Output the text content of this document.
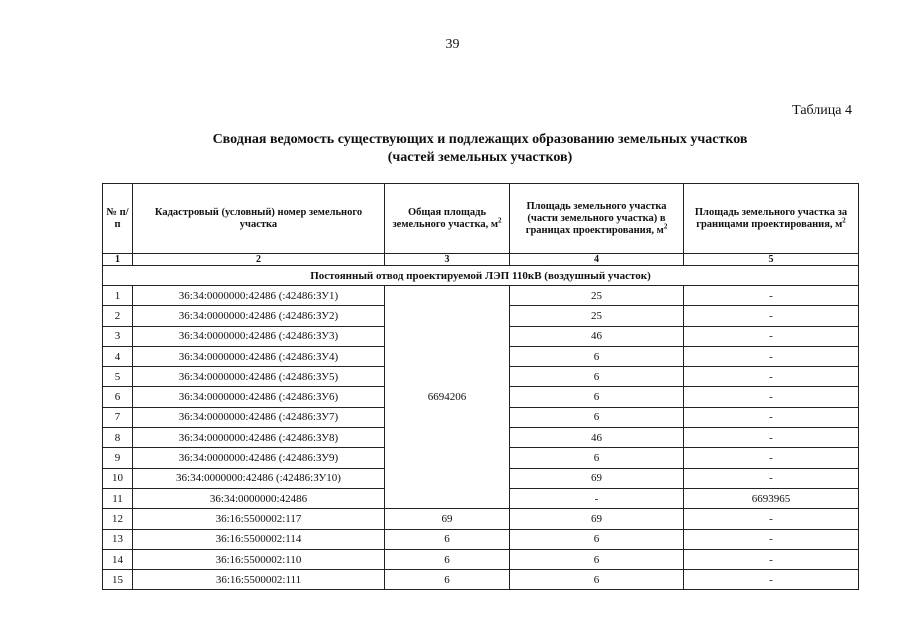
39
Таблица 4
Сводная ведомость существующих и подлежащих образованию земельных участков
(частей земельных участков)
№ п/п	Кадастровый (условный) номер земельного участка	Общая площадь земельного участка, $м^2$	Площадь земельного участка (части земельного участка) в границах проектирования, $м^2$	Площадь земельного участка за границами проектирования, $м^2$
1	2	3	4	5
Постоянный отвод проектируемой ЛЭП 110кВ (воздушный участок)				
1	36:34:0000000:42486 (:42486:ЗУ1)	6694206	25	-
2	36:34:0000000:42486 (:42486:ЗУ2)		25	-
3	36:34:0000000:42486 (:42486:ЗУ3)		46	-
4	36:34:0000000:42486 (:42486:ЗУ4)		6	-
5	36:34:0000000:42486 (:42486:ЗУ5)		6	-
6	36:34:0000000:42486 (:42486:ЗУ6)		6	-
7	36:34:0000000:42486 (:42486:ЗУ7)		6	-
8	36:34:0000000:42486 (:42486:ЗУ8)		46	-
9	36:34:0000000:42486 (:42486:ЗУ9)		6	-
10	36:34:0000000:42486 (:42486:ЗУ10)		69	-
11	36:34:0000000:42486		-	6693965
12	36:16:5500002:117	69	69	-
13	36:16:5500002:114	6	6	-
14	36:16:5500002:110	6	6	-
15	36:16:5500002:111	6	6	-
